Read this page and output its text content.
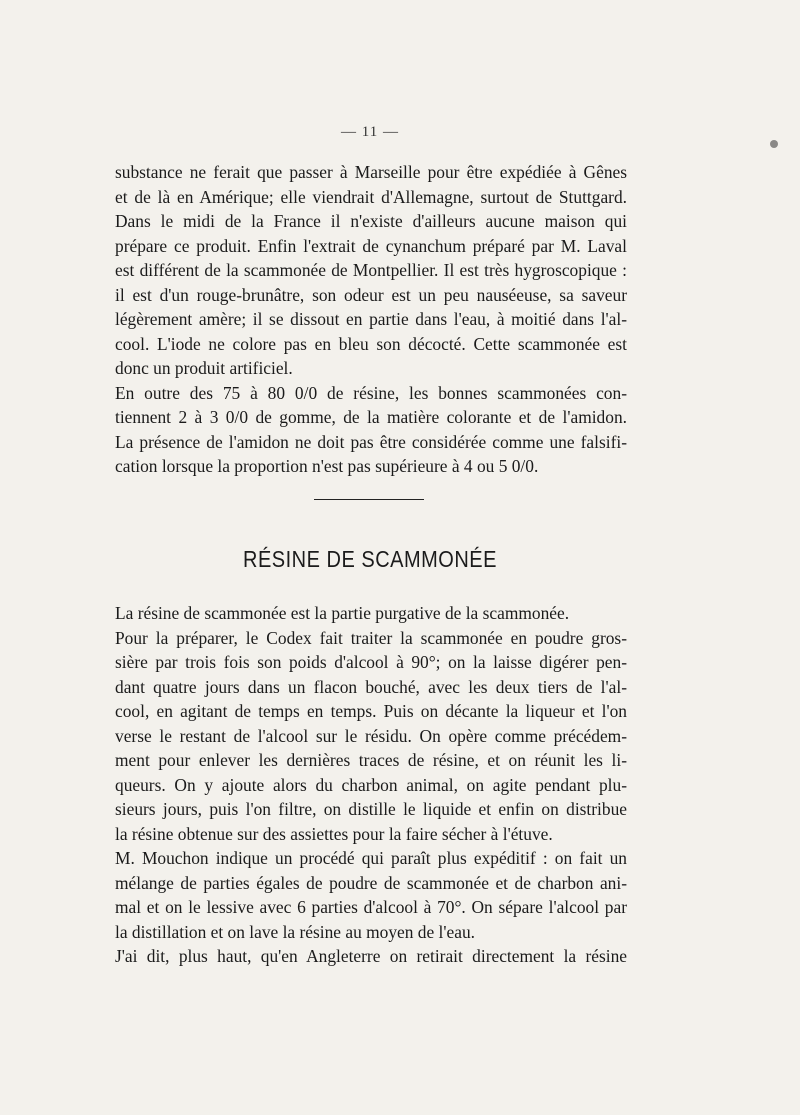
— 11 —
substance ne ferait que passer à Marseille pour être expédiée à Gênes
et de là en Amérique; elle viendrait d'Allemagne, surtout de Stuttgard.
Dans le midi de la France il n'existe d'ailleurs aucune maison qui
prépare ce produit. Enfin l'extrait de cynanchum préparé par M. Laval
est différent de la scammonée de Montpellier. Il est très hygroscopique :
il est d'un rouge-brunâtre, son odeur est un peu nauséeuse, sa saveur
légèrement amère; il se dissout en partie dans l'eau, à moitié dans l'al-
cool. L'iode ne colore pas en bleu son décocté. Cette scammonée est
donc un produit artificiel.
En outre des 75 à 80 0/0 de résine, les bonnes scammonées con-
tiennent 2 à 3 0/0 de gomme, de la matière colorante et de l'amidon.
La présence de l'amidon ne doit pas être considérée comme une falsifi-
cation lorsque la proportion n'est pas supérieure à 4 ou 5 0/0.
RÉSINE DE SCAMMONÉE
La résine de scammonée est la partie purgative de la scammonée.
Pour la préparer, le Codex fait traiter la scammonée en poudre gros-
sière par trois fois son poids d'alcool à 90°; on la laisse digérer pen-
dant quatre jours dans un flacon bouché, avec les deux tiers de l'al-
cool, en agitant de temps en temps. Puis on décante la liqueur et l'on
verse le restant de l'alcool sur le résidu. On opère comme précédem-
ment pour enlever les dernières traces de résine, et on réunit les li-
queurs. On y ajoute alors du charbon animal, on agite pendant plu-
sieurs jours, puis l'on filtre, on distille le liquide et enfin on distribue
la résine obtenue sur des assiettes pour la faire sécher à l'étuve.
M. Mouchon indique un procédé qui paraît plus expéditif : on fait un
mélange de parties égales de poudre de scammonée et de charbon ani-
mal et on le lessive avec 6 parties d'alcool à 70°. On sépare l'alcool par
la distillation et on lave la résine au moyen de l'eau.
J'ai dit, plus haut, qu'en Angleterre on retirait directement la résine
